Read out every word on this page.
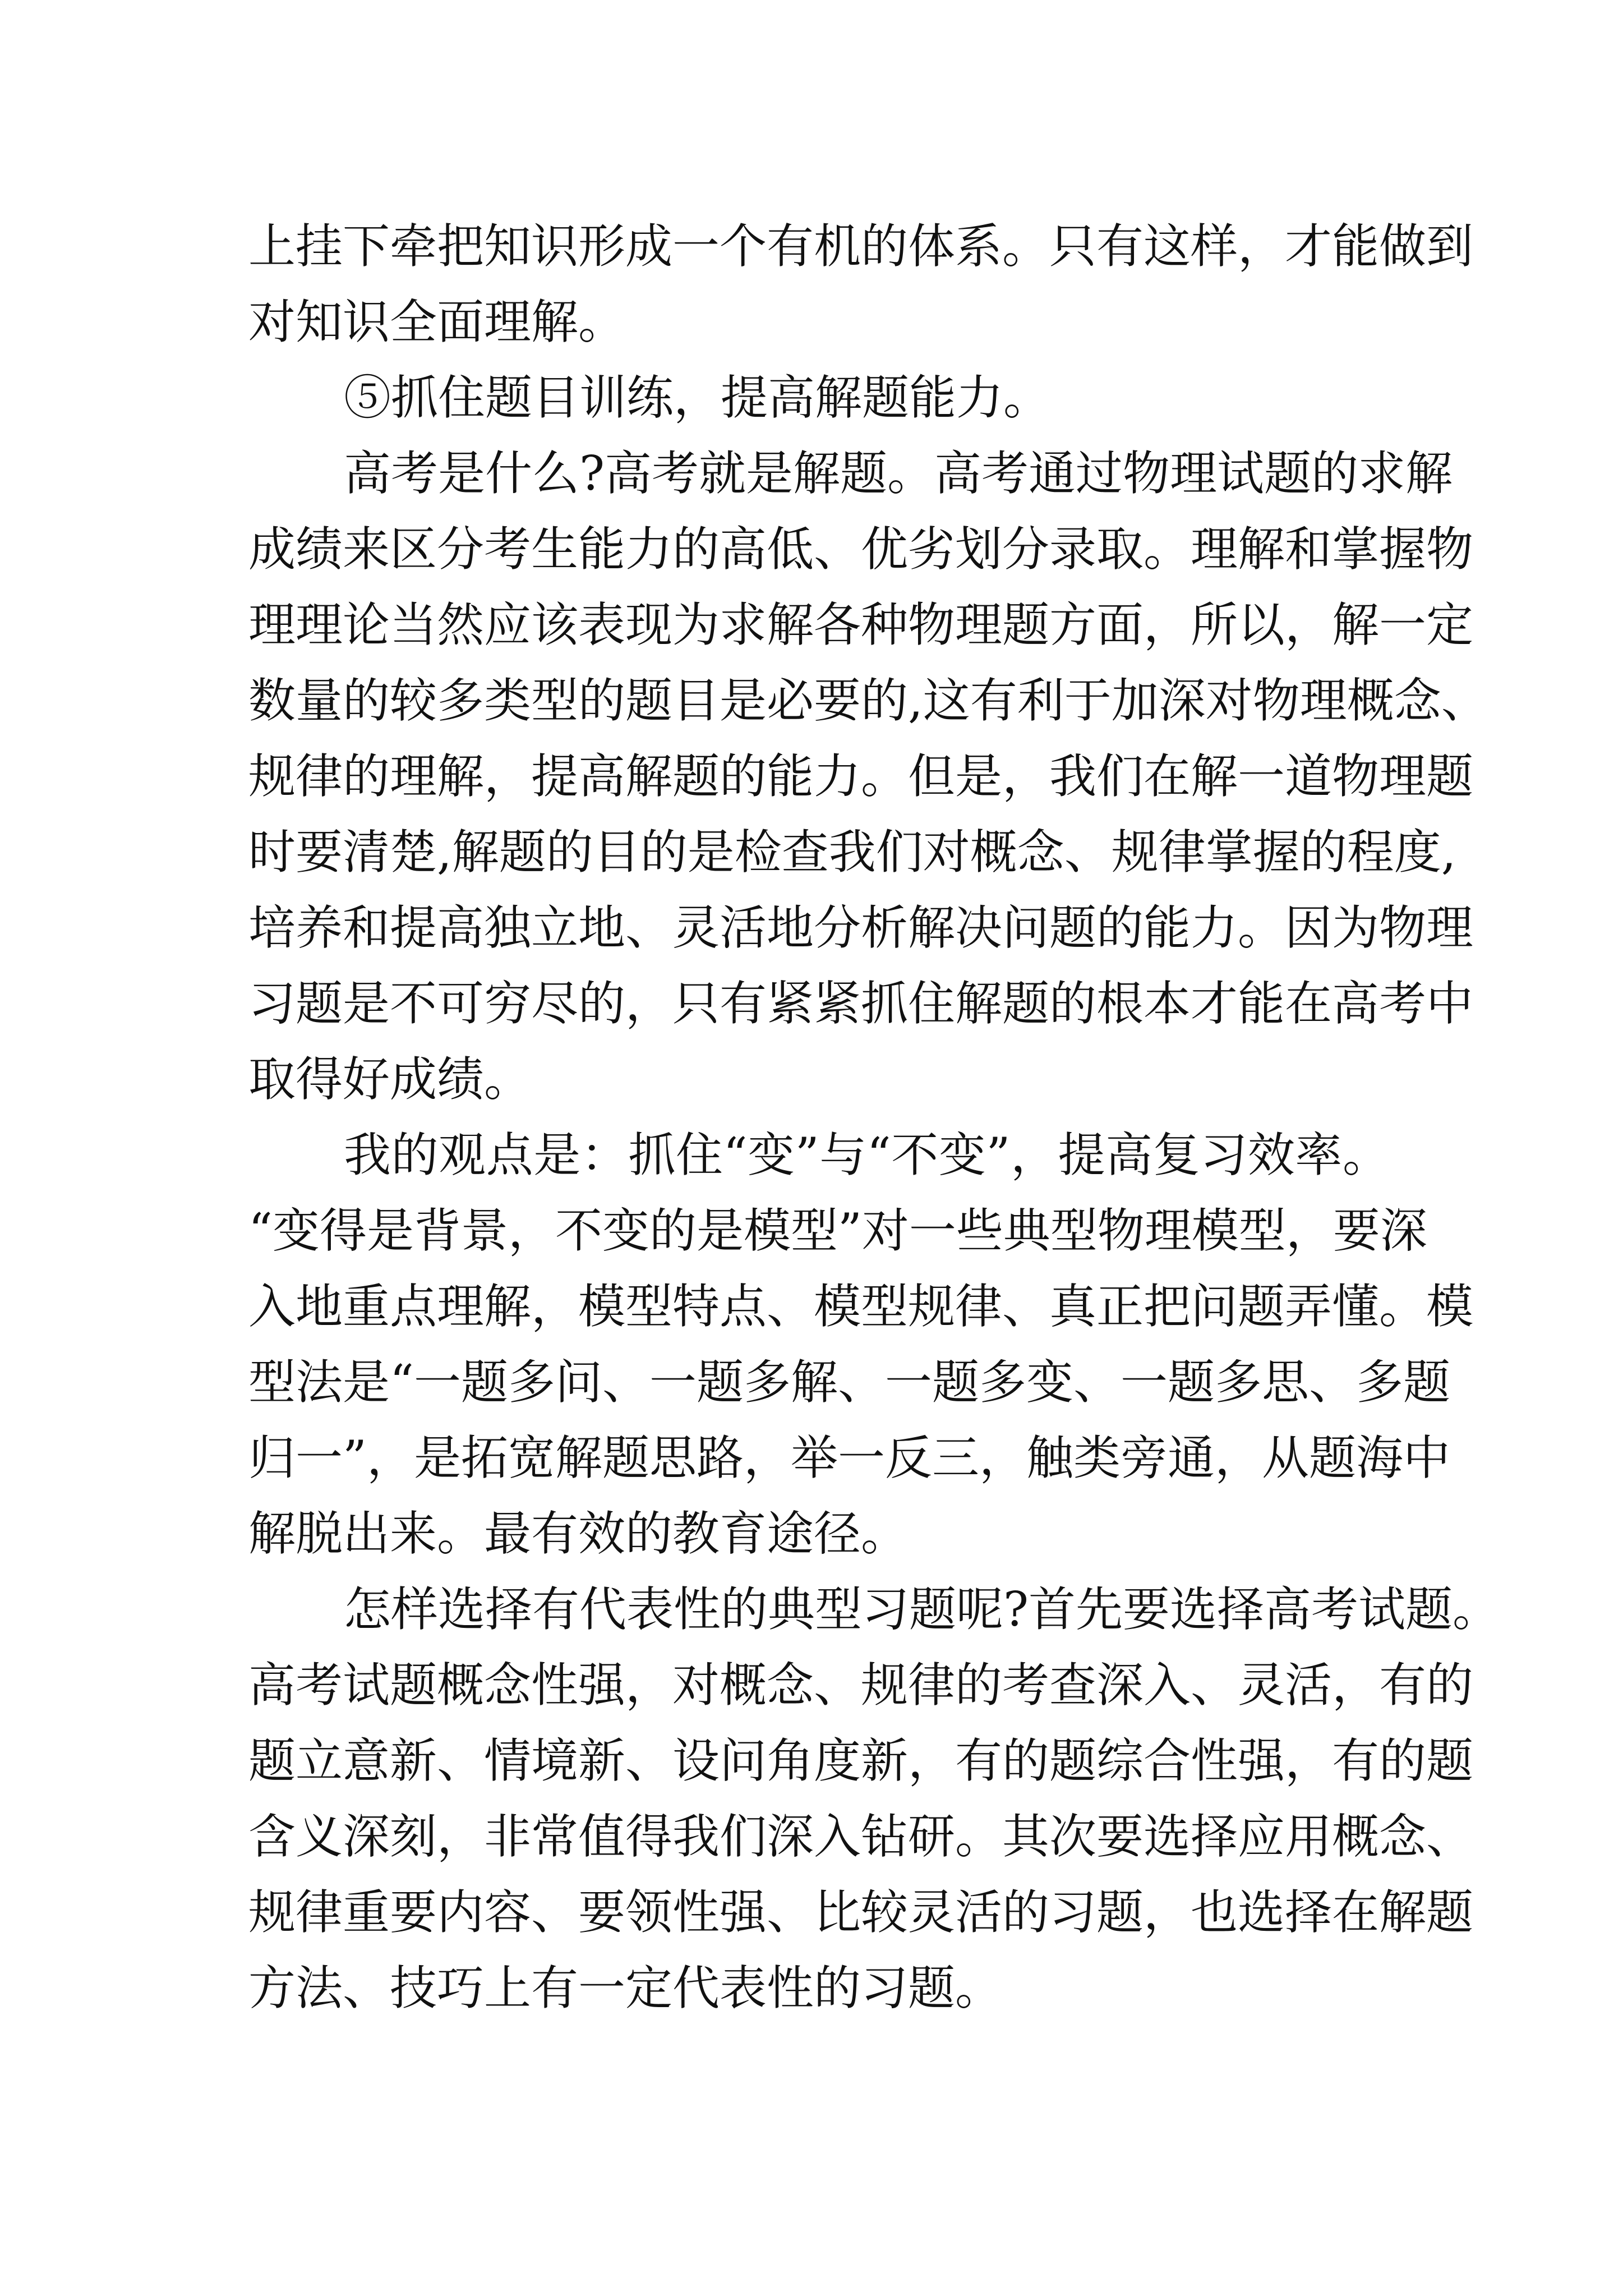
上挂下牵把知识形成一个有机的体系。只有这样，才能做到
对知识全面理解。
⑤抓住题目训练，提高解题能力。
高考是什么?高考就是解题。高考通过物理试题的求解
成绩来区分考生能力的高低、优劣划分录取。理解和掌握物
理理论当然应该表现为求解各种物理题方面，所以，解一定
数量的较多类型的题目是必要的,这有利于加深对物理概念、
规律的理解，提高解题的能力。但是，我们在解一道物理题
时要清楚,解题的目的是检查我们对概念、规律掌握的程度,
培养和提高独立地、灵活地分析解决问题的能力。因为物理
习题是不可穷尽的，只有紧紧抓住解题的根本才能在高考中
取得好成绩。
我的观点是：抓住“变”与“不变”，提高复习效率。
“变得是背景，不变的是模型”对一些典型物理模型，要深
入地重点理解，模型特点、模型规律、真正把问题弄懂。模
型法是“一题多问、一题多解、一题多变、一题多思、多题
归一”，是拓宽解题思路，举一反三，触类旁通，从题海中
解脱出来。最有效的教育途径。
怎样选择有代表性的典型习题呢?首先要选择高考试题。
高考试题概念性强，对概念、规律的考查深入、灵活，有的
题立意新、情境新、设问角度新，有的题综合性强，有的题
含义深刻，非常值得我们深入钻研。其次要选择应用概念、
规律重要内容、要领性强、比较灵活的习题，也选择在解题
方法、技巧上有一定代表性的习题。
